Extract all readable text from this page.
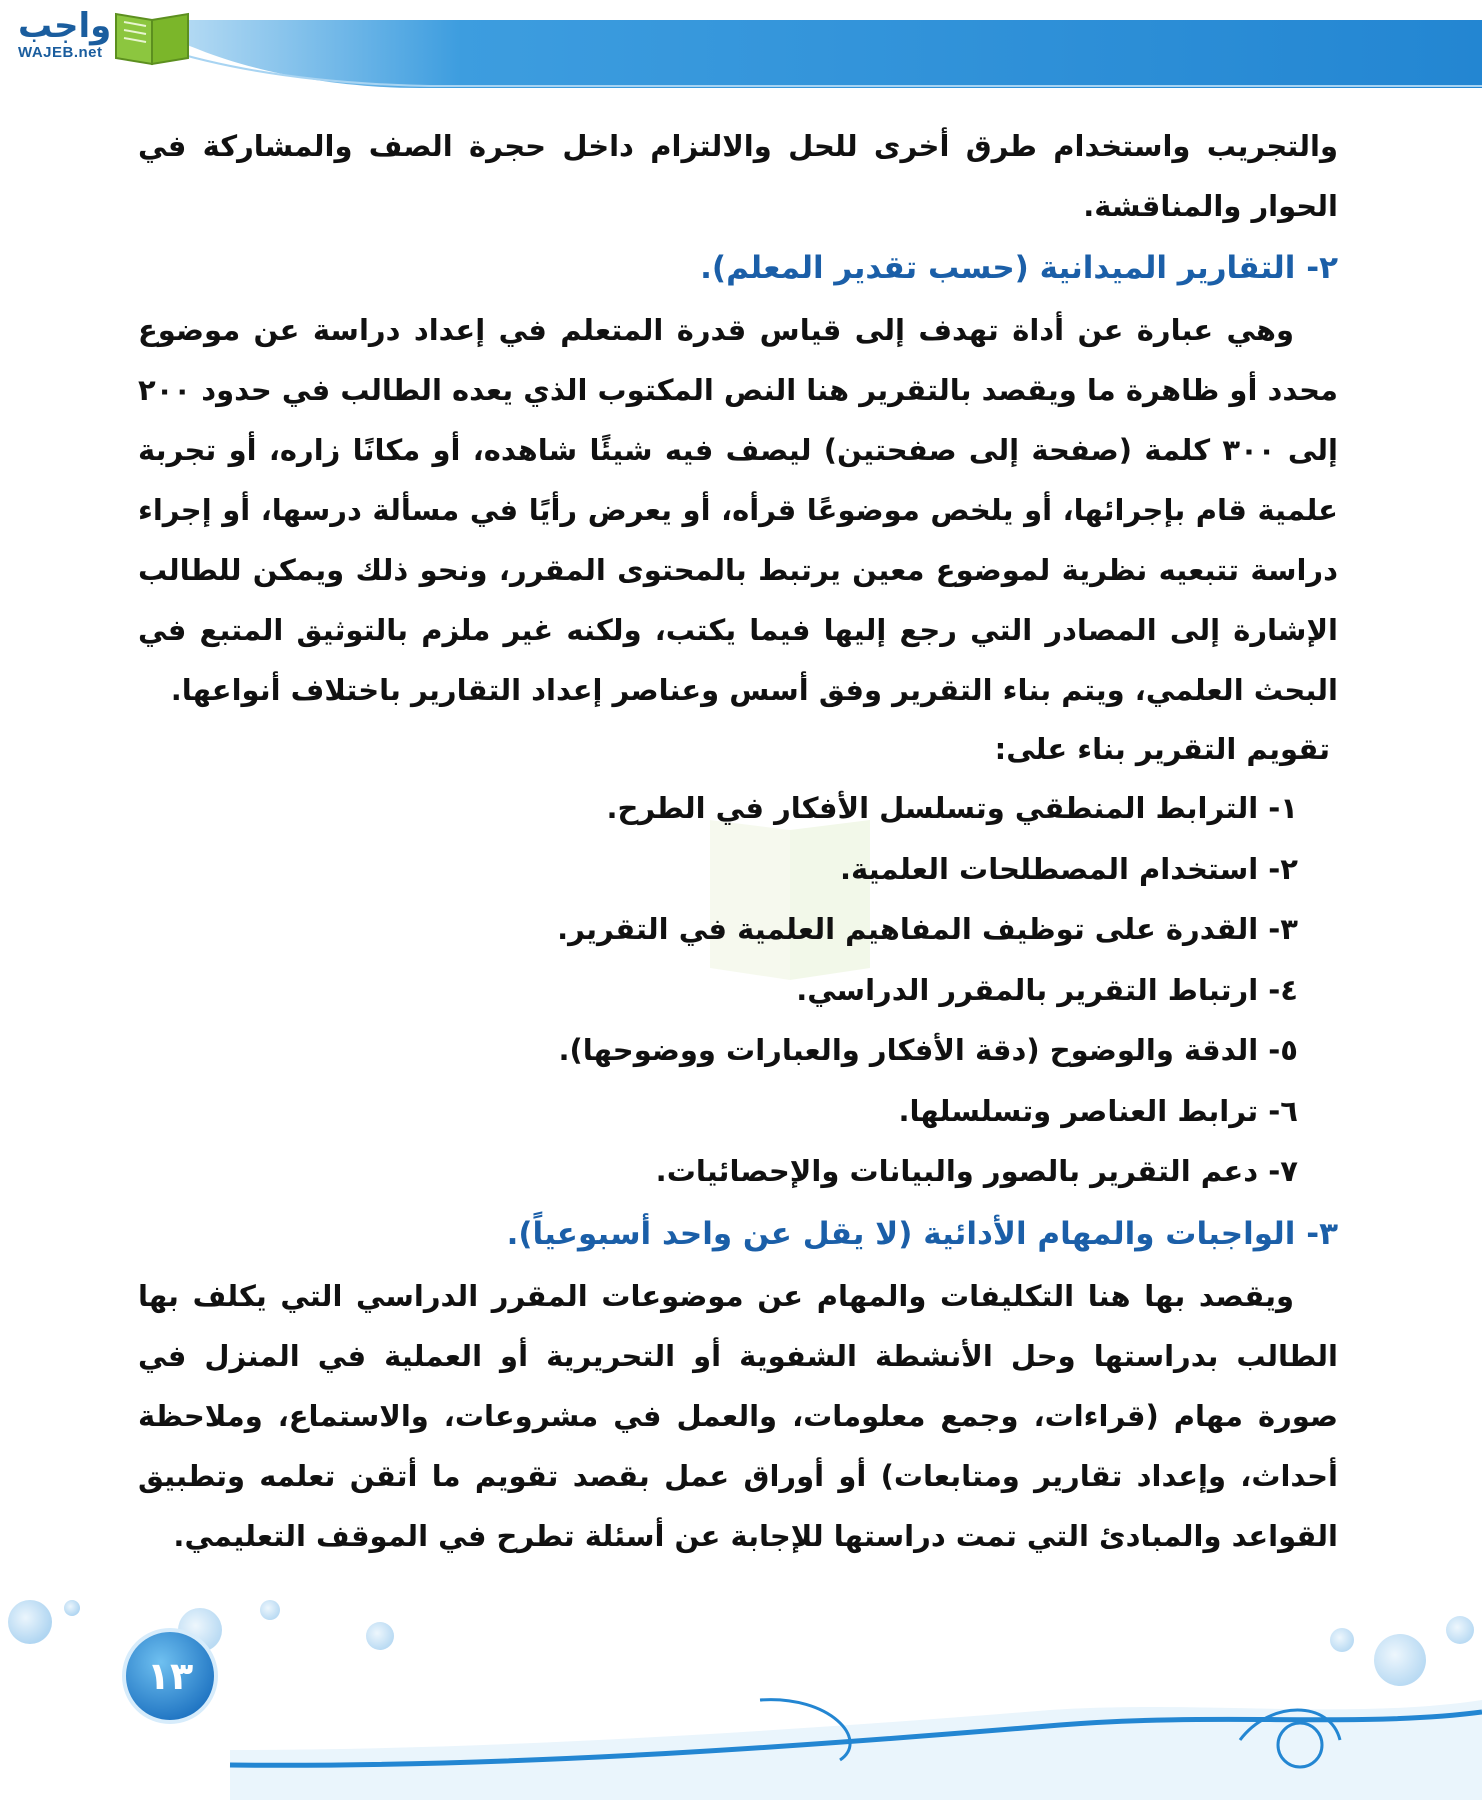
واجب
WAJEB.net

والتجريب واستخدام طرق أخرى للحل والالتزام داخل حجرة الصف والمشاركة في الحوار والمناقشة.

٢- التقارير الميدانية (حسب تقدير المعلم).

وهي عبارة عن أداة تهدف إلى قياس قدرة المتعلم في إعداد دراسة عن موضوع محدد أو ظاهرة ما ويقصد بالتقرير هنا النص المكتوب الذي يعده الطالب في حدود ٢٠٠ إلى ٣٠٠ كلمة (صفحة إلى صفحتين) ليصف فيه شيئًا شاهده، أو مكانًا زاره، أو تجربة علمية قام بإجرائها، أو يلخص موضوعًا قرأه، أو يعرض رأيًا في مسألة درسها، أو إجراء دراسة تتبعيه نظرية لموضوع معين يرتبط بالمحتوى المقرر، ونحو ذلك ويمكن للطالب الإشارة إلى المصادر التي رجع إليها فيما يكتب، ولكنه غير ملزم بالتوثيق المتبع في البحث العلمي، ويتم بناء التقرير وفق أسس وعناصر إعداد التقارير باختلاف أنواعها.

تقويم التقرير بناء على:

١- الترابط المنطقي وتسلسل الأفكار في الطرح.
٢- استخدام المصطلحات العلمية.
٣- القدرة على توظيف المفاهيم العلمية في التقرير.
٤- ارتباط التقرير بالمقرر الدراسي.
٥- الدقة والوضوح (دقة الأفكار والعبارات ووضوحها).
٦- ترابط العناصر وتسلسلها.
٧- دعم التقرير بالصور والبيانات والإحصائيات.
٣- الواجبات والمهام الأدائية (لا يقل عن واحد أسبوعياً).

ويقصد بها هنا التكليفات والمهام عن موضوعات المقرر الدراسي التي يكلف بها الطالب بدراستها وحل الأنشطة الشفوية أو التحريرية أو العملية في المنزل في صورة مهام (قراءات، وجمع معلومات، والعمل في مشروعات، والاستماع، وملاحظة أحداث، وإعداد تقارير ومتابعات) أو أوراق عمل بقصد تقويم ما أتقن تعلمه وتطبيق القواعد والمبادئ التي تمت دراستها للإجابة عن أسئلة تطرح في الموقف التعليمي.

١٣
